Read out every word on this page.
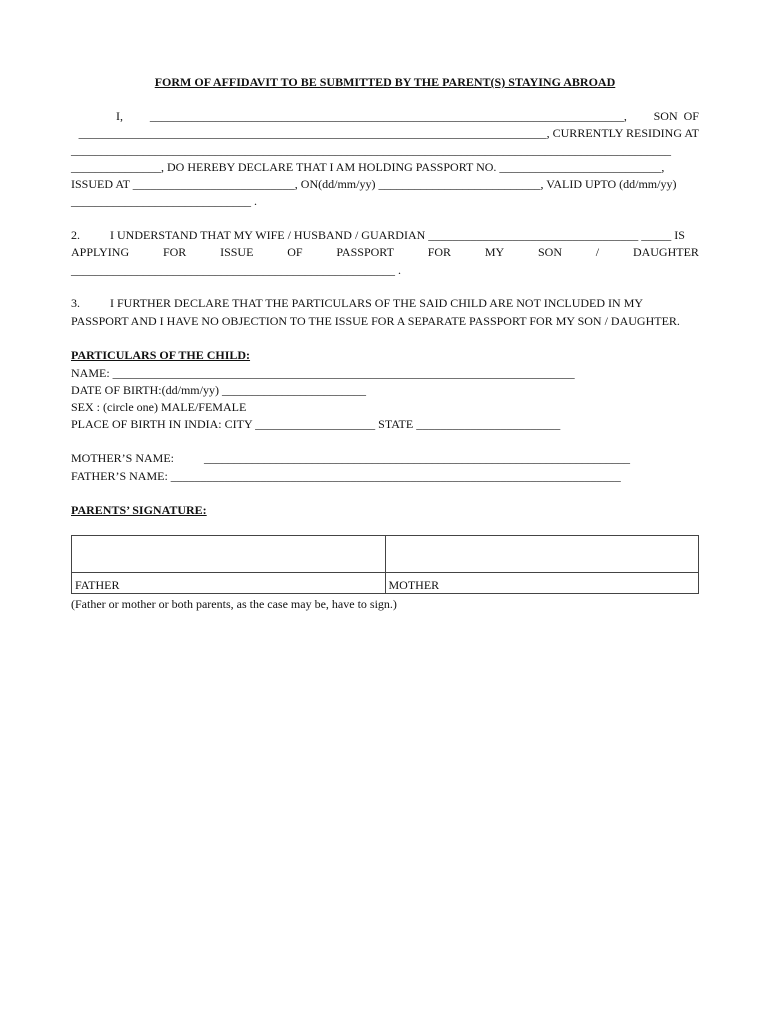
FORM OF AFFIDAVIT TO BE SUBMITTED BY THE PARENT(S) STAYING ABROAD
I, _______________________________________________________________________________, SON  OF
______________________________________________________________________________, CURRENTLY RESIDING AT
____________________________________________________________________________________________________
_______________, DO HEREBY DECLARE THAT I AM HOLDING PASSPORT NO. ___________________________,
ISSUED AT ___________________________, ON(dd/mm/yy) ___________________________, VALID UPTO (dd/mm/yy)
______________________________ .
2.          I UNDERSTAND THAT MY WIFE / HUSBAND / GUARDIAN ___________________________________ _____ IS
APPLYING	FOR	ISSUE	OF	PASSPORT	FOR	MY	SON	/	DAUGHTER
______________________________________________________ .
3.          I FURTHER DECLARE THAT THE PARTICULARS OF THE SAID CHILD ARE NOT INCLUDED IN MY
PASSPORT AND I HAVE NO OBJECTION TO THE ISSUE FOR A SEPARATE PASSPORT FOR MY SON / DAUGHTER.
PARTICULARS OF THE CHILD:
NAME: _____________________________________________________________________________
DATE OF BIRTH:(dd/mm/yy) ________________________
SEX : (circle one) MALE/FEMALE
PLACE OF BIRTH IN INDIA: CITY ____________________ STATE ________________________
MOTHER’S NAME:          _______________________________________________________________________
FATHER’S NAME: ___________________________________________________________________________
PARENTS’ SIGNATURE:

FATHER	MOTHER
(Father or mother or both parents, as the case may be, have to sign.)
